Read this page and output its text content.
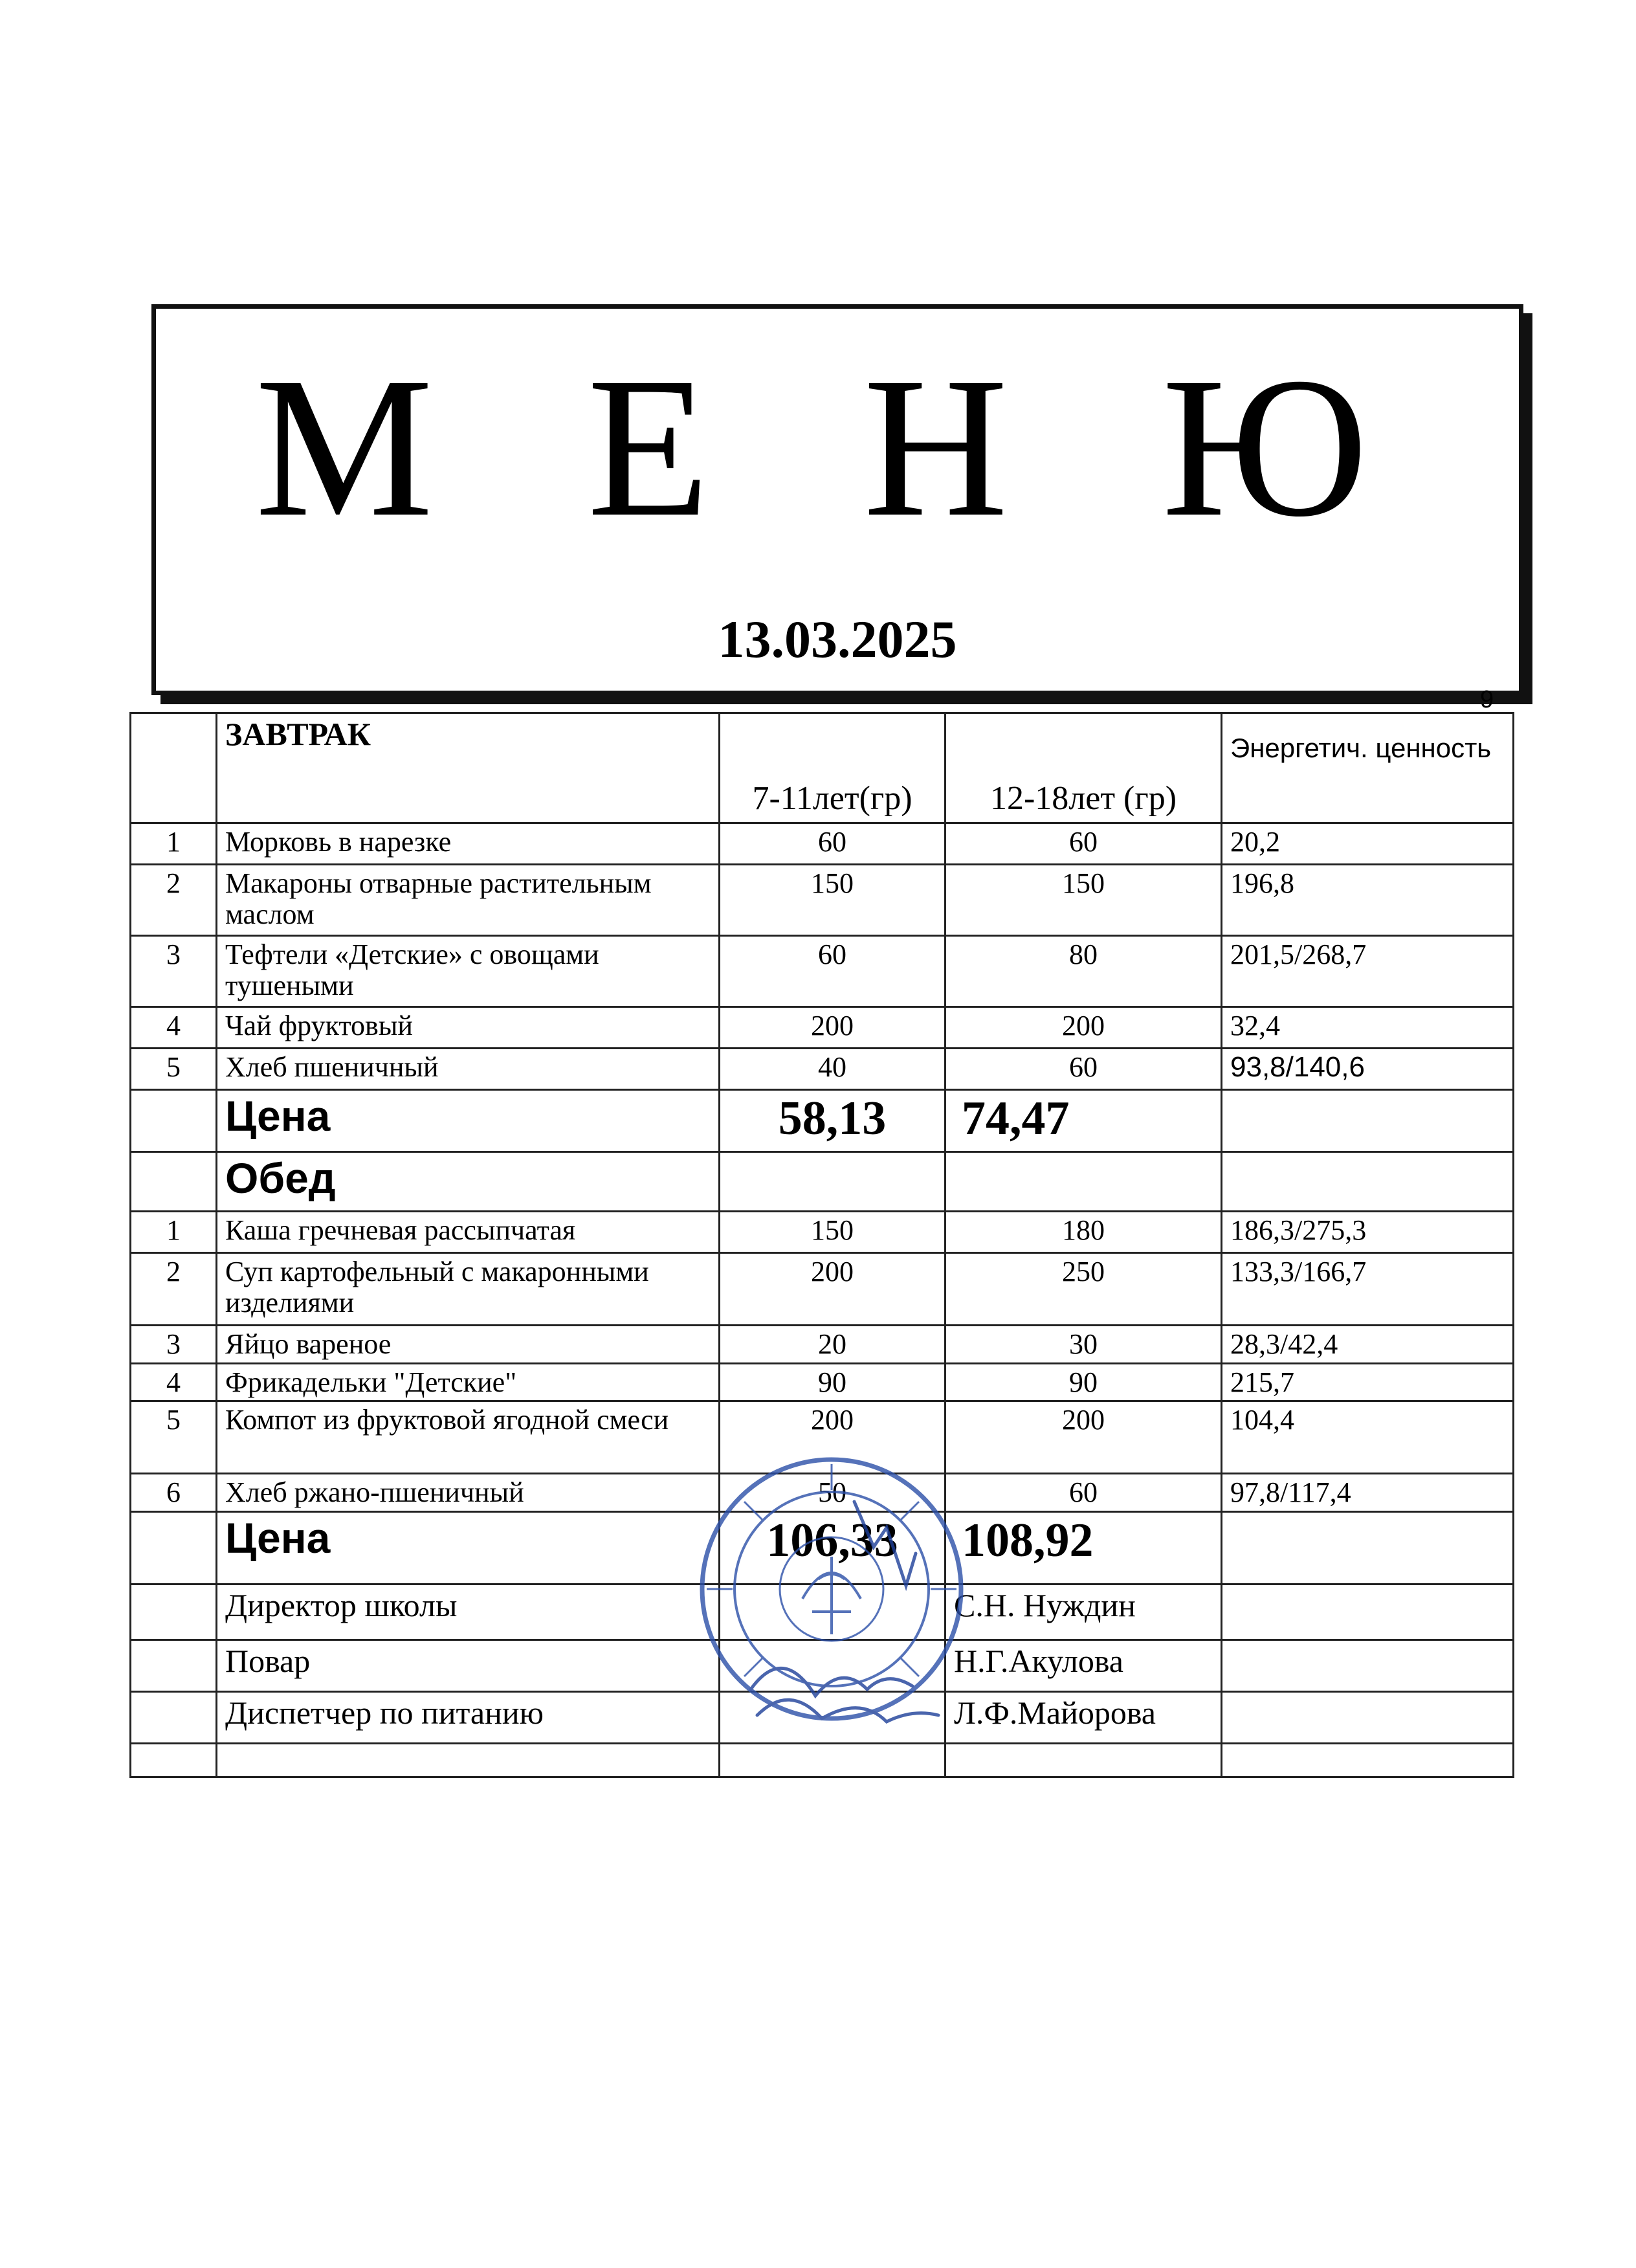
М Е Н Ю
13.03.2025
9
	ЗАВТРАК	7-11лет(гр)	12-18лет (гр)	Энергетич. ценность
1	Морковь в нарезке	60	60	20,2
2	Макароны отварные растительным маслом	150	150	196,8
3	Тефтели «Детские» с овощами тушеными	60	80	201,5/268,7
4	Чай фруктовый	200	200	32,4
5	Хлеб пшеничный	40	60	93,8/140,6
	Цена	58,13	74,47	
	Обед			
1	Каша гречневая рассыпчатая	150	180	186,3/275,3
2	Суп картофельный с макаронными изделиями	200	250	133,3/166,7
3	Яйцо вареное	20	30	28,3/42,4
4	Фрикадельки "Детские"	90	90	215,7
5	Компот из фруктовой ягодной смеси	200	200	104,4
6	Хлеб ржано-пшеничный	50	60	97,8/117,4
	Цена	106,33	108,92	
	Директор школы		С.Н. Нуждин	
	Повар		Н.Г.Акулова	
	Диспетчер по питанию		Л.Ф.Майорова	
